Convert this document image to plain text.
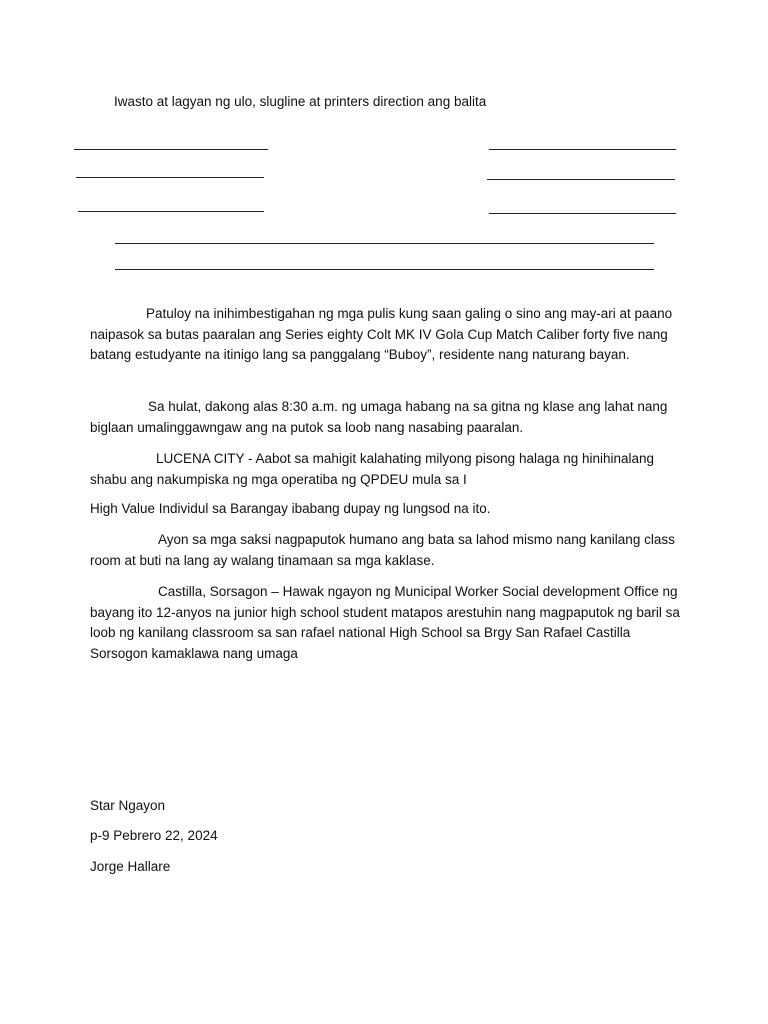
Iwasto at lagyan ng ulo, slugline at printers direction ang balita

Patuloy na inihimbestigahan ng mga pulis kung saan galing o sino ang may-ari at paano naipasok sa butas paaralan ang Series eighty Colt MK IV Gola Cup Match Caliber forty five nang batang estudyante na itinigo lang sa panggalang “Buboy”, residente nang naturang bayan.

Sa hulat, dakong alas 8:30 a.m. ng umaga habang na sa gitna ng klase ang lahat nang biglaan umalinggawngaw ang na putok sa loob nang nasabing paaralan.

LUCENA CITY - Aabot sa mahigit kalahating milyong pisong halaga ng hinihinalang shabu ang nakumpiska ng mga operatiba ng QPDEU mula sa I

High Value Individul sa Barangay ibabang dupay ng lungsod na ito.

Ayon sa mga saksi nagpaputok humano ang bata sa lahod mismo nang kanilang class room at buti na lang ay walang tinamaan sa mga kaklase.

Castilla, Sorsagon – Hawak ngayon ng Municipal Worker Social development Office ng bayang ito 12-anyos na junior high school student matapos arestuhin nang magpaputok ng baril sa loob ng kanilang classroom sa san rafael national High School sa Brgy San Rafael Castilla Sorsogon kamaklawa nang umaga

Star Ngayon
p-9 Pebrero 22, 2024
Jorge Hallare
